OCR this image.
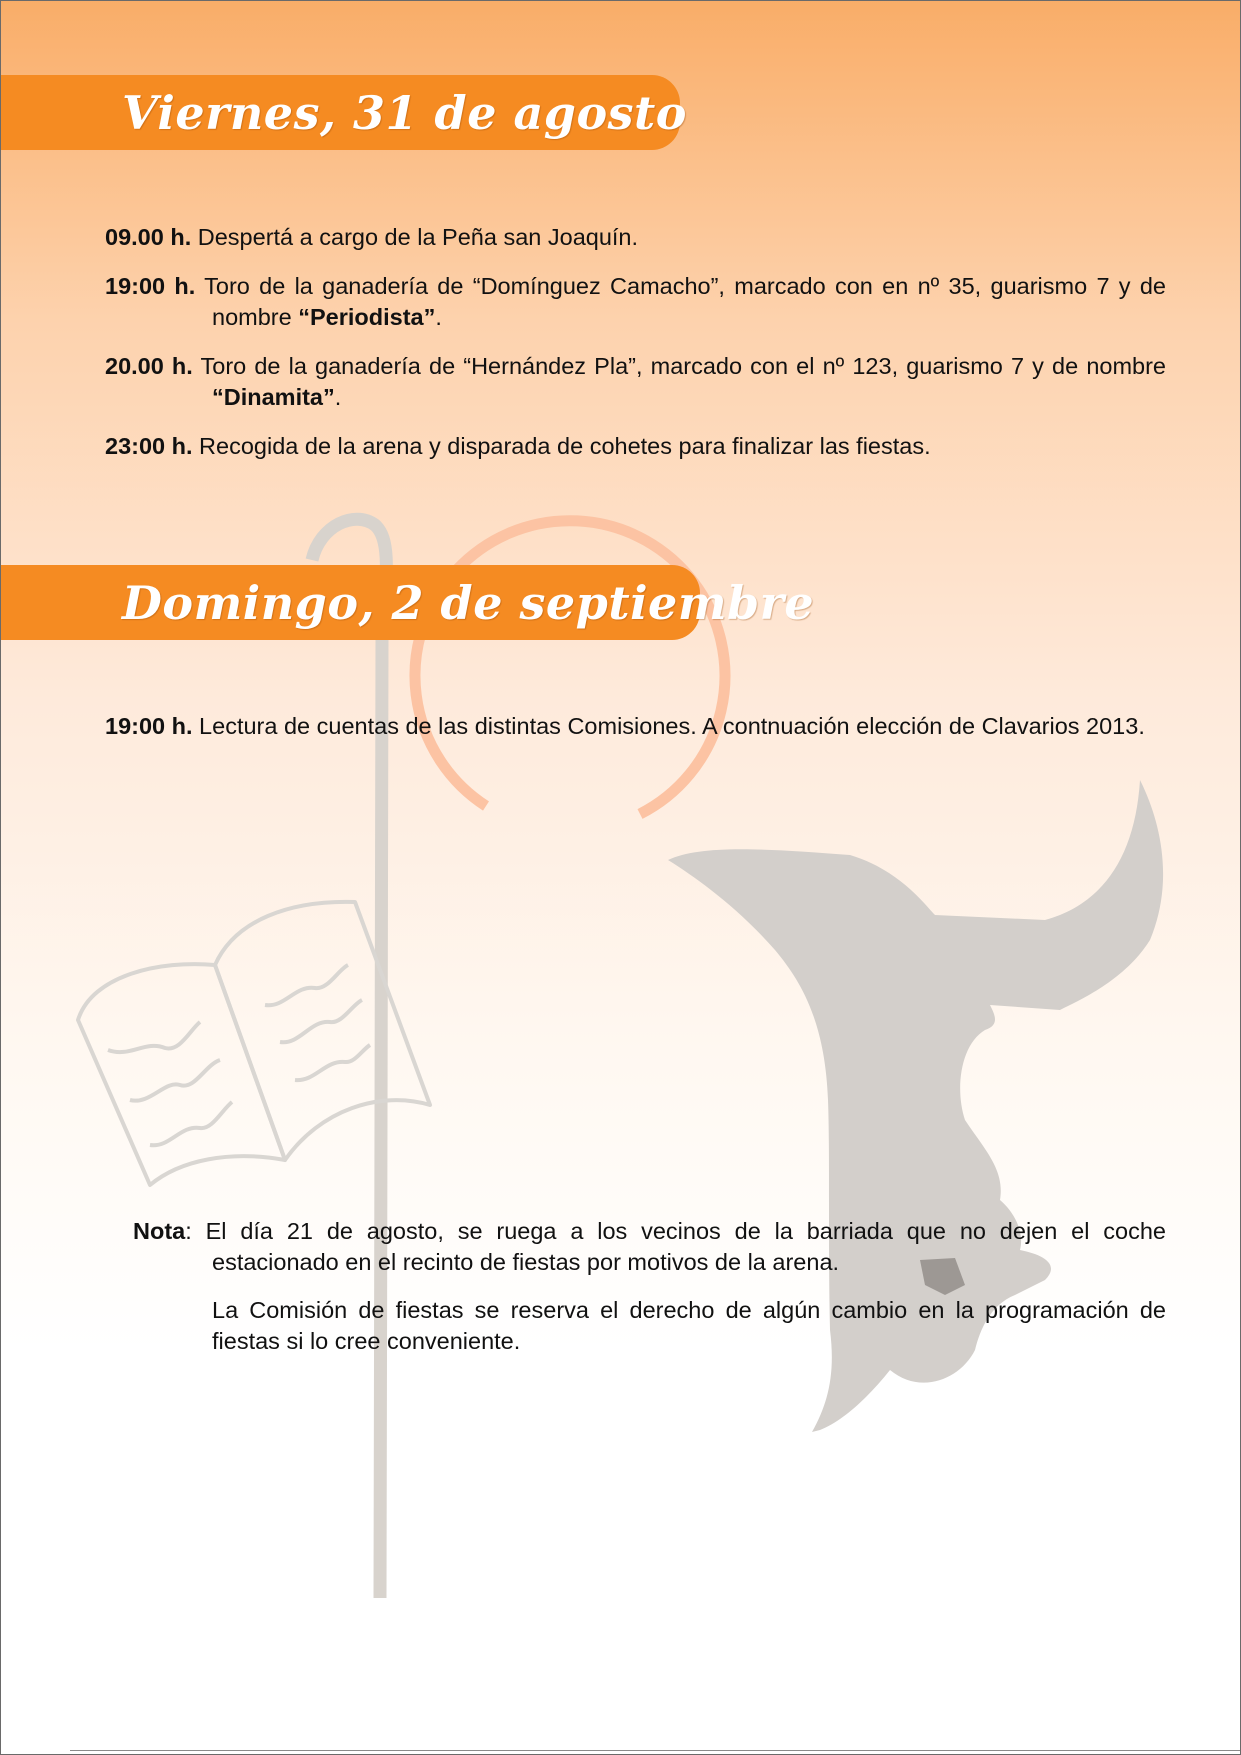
Viernes, 31 de agosto

09.00 h. Despertá a cargo de la Peña san Joaquín.

19:00 h. Toro de la ganadería de “Domínguez Camacho”, marcado con en nº 35, guarismo 7 y de nombre “Periodista”.

20.00 h. Toro de la ganadería de “Hernández Pla”, marcado con el nº 123, guarismo 7 y de nombre “Dinamita”.

23:00 h. Recogida de la arena y disparada de cohetes para finalizar las fiestas.

Domingo, 2 de septiembre

19:00 h. Lectura de cuentas de las distintas Comisiones. A contnuación elección de Clavarios 2013.

Nota: El día 21 de agosto, se ruega a los vecinos de la barriada que no dejen el coche estacionado en el recinto de fiestas por motivos de la arena.

La Comisión de fiestas se reserva el derecho de algún cambio en la programación de fiestas si lo cree conveniente.
